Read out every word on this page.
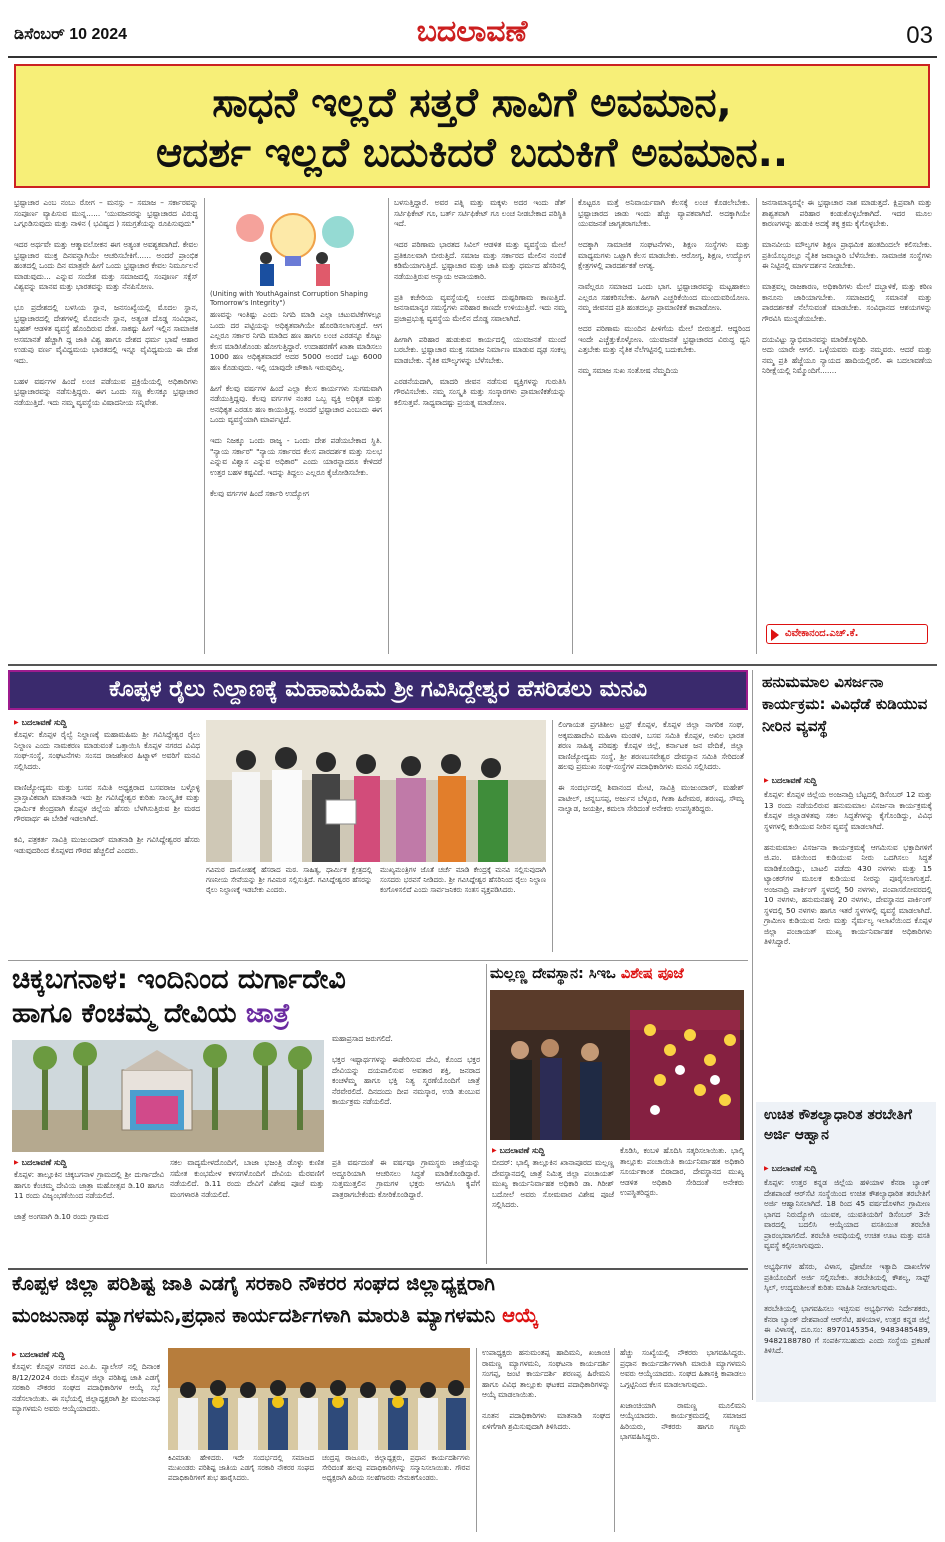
ಡಿಸೆಂಬರ್ 10 2024	ಬದಲಾವಣೆ	03
ಸಾಧನೆ ಇಲ್ಲದೆ ಸತ್ತರೆ ಸಾವಿಗೆ ಅವಮಾನ,
ಆದರ್ಶ ಇಲ್ಲದೆ ಬದುಕಿದರೆ ಬದುಕಿಗೆ ಅವಮಾನ..
ಭ್ರಷ್ಟಾಚಾರ ಎಂಬ ನಂಬು ರೋಗ – ಮನಸ್ಸು – ಸಮಾಜ – ಸರ್ಕಾರವನ್ನು ಸಂಪೂರ್ಣ ವ್ಯಾಪಿಸುವ ಮುನ್ನ...... 'ಯುವಜನರನ್ನು ಭ್ರಷ್ಟಾಚಾರದ ವಿರುದ್ಧ ಒಗ್ಗೂಡಿಸುವುದು ಮತ್ತು ನಾಳಿನ ( ಭವಿಷ್ಯದ ) ಸಮಗ್ರತೆಯನ್ನು ರೂಪಿಸುವುದು"

ಇದರ ಅರ್ಥವೇ ಮತ್ತು ಆತ್ಮಾವಲೋಕನ ಈಗ ಅತ್ಯಂತ ಅವಶ್ಯಕವಾಗಿದೆ. ಕೇವಲ ಭ್ರಷ್ಟಾಚಾರ ಮುಕ್ತ ದಿನವನ್ನಾಗಿಯೇ ಆಚರಿಸಬೇಕಿಗೆ...... ಅಂದರೆ ಪ್ರಾಂಭಿಕ ಹಂತದಲ್ಲಿ ಒಂದು ದಿನ ಮಾತ್ರವೇ ಹೀಗೆ ಒಂದು ಭ್ರಷ್ಟಾಚಾರ ಕೇವಲ ನಿರ್ಮೂಲನೆ ಮಾಡುವುದು... ಎನ್ನುವ ಸಂದೇಶ ಮತ್ತು ಸಮಾಜದಲ್ಲಿ ಸಂಪೂರ್ಣ ಸಕ್ಸೆಸ್ ವಿಶ್ವವನ್ನು ಮಾನವ ಮತ್ತು ಭಾರತವನ್ನು ಮತ್ತು ನೆನಪಿಸೋಣ.

ಭೂ ಪ್ರದೇಶದಲ್ಲಿ ಬಳಸಿಯ ಸ್ಥಾನ, ಜನಸಂಖ್ಯೆಯಲ್ಲಿ ಮೊದಲ ಸ್ಥಾನ, ಭ್ರಷ್ಟಾಚಾರದಲ್ಲಿ ದೇಶಗಳಲ್ಲಿ ಮೊದಲನೇ ಸ್ಥಾನ, ಅತ್ಯಂತ ದೊಡ್ಡ ಸಂವಿಧಾನ, ಬೃಹತ್ ಆಡಳಿತ ವ್ಯವಸ್ಥೆ ಹೊಂದಿರುವ ದೇಶ. ಸಾಕಷ್ಟು ಹೀಗೆ ಇಲ್ಲಿನ ಸಾಮಾಜಿಕ ಅಸಮಾನತೆ ಹೆಚ್ಚಾಗಿ ದ್ದ ಜಾತಿ ವಿಶ್ವ ಹಾಗೂ ದೇಶದ ಧರ್ಮ ಭಾಷೆ ಆಹಾರ ಉಡುಪು ವರ್ಣ ವೈವಿಧ್ಯಮಯ ಭಾರತದಲ್ಲಿ ಇನ್ನೂ ವೈವಿಧ್ಯಮಯ ಈ ದೇಶ ಇದು.

ಬಹಳ ವರ್ಷಗಳ ಹಿಂದೆ ಲಂಚ ಪಡೆಯುವ ಪ್ರಕ್ರಿಯೆಯಲ್ಲಿ ಅಧಿಕಾರಿಗಳು ಭ್ರಷ್ಟಾಚಾರವನ್ನು ನಡೆಸುತ್ತಿದ್ದರು. ಈಗ ಒಂದು ಸಣ್ಣ ಕೆಲಸಕ್ಕೂ ಭ್ರಷ್ಟಾಚಾರ ನಡೆಯುತ್ತಿದೆ. ಇದು ನಮ್ಮ ವ್ಯವಸ್ಥೆಯ ವಿಷಾದನೀಯ ಸನ್ನಿವೇಶ.
(Uniting with YouthAgainst Corruption Shaping Tomorrow's Integrity")
ಹಣವನ್ನು ಇಂತಿಷ್ಟು ಎಂದು ನಿಗದಿ ಮಾಡಿ ಎಲ್ಲಾ ಚಟುವಟಿಕೆಗಳಲ್ಲೂ ಒಂದು ದರ ಪಟ್ಟಿಯನ್ನು ಅಧಿಕೃತವಾಗಿಯೇ ಹೊರಡಿಸಲಾಗುತ್ತದೆ. ಆಗ ಎಲ್ಲರೂ ಸರ್ಕಾರ ನಿಗದಿ ಮಾಡಿದ ಹಣ ಹಾಗೂ ಲಂಚ ಎರಡನ್ನೂ ಕೊಟ್ಟು ಕೆಲಸ ಮಾಡಿಸಿಕೊಂಡು ಹೋಗುತ್ತಿದ್ದಾರೆ. ಉದಾಹರಣೆಗೆ ಖಾತಾ ಮಾಡಿಸಲು 1000 ಹಣ ಅಧಿಕೃತವಾದರೆ ಅದರ 5000 ಅಂದರೆ ಒಟ್ಟು 6000 ಹಣ ಕೊಡುವುದು. ಇಲ್ಲಿ ಯಾವುದೇ ಚೌಕಾಸಿ ಇರುವುದಿಲ್ಲ.

ಹೀಗೆ ಕೆಲವು ವರ್ಷಗಳ ಹಿಂದೆ ಎಲ್ಲಾ ಕೆಲಸ ಕಾರ್ಯಗಳು ಸುಗಮವಾಗಿ ನಡೆಯುತ್ತಿದ್ದವು. ಕೆಲವು ವರ್ಗಗಳ ನಂತರ ಒಬ್ಬ ವ್ಯಕ್ತಿ ಅಧಿಕೃತ ಮತ್ತು ಅನಧಿಕೃತ ಎರಡೂ ಹಣ ಕಾಯುತ್ತಿದ್ದ. ಅಂದರೆ ಭ್ರಷ್ಟಾಚಾರ ಎಂಬುದು ಈಗ ಒಂದು ವ್ಯವಸ್ಥೆಯಾಗಿ ಮಾರ್ಪಟ್ಟಿದೆ.

ಇದು ನಿಜಕ್ಕೂ ಒಂದು ರಾಜ್ಯ - ಒಂದು ದೇಶ ಪಡೆಯಬೇಕಾದ ಸ್ಥಿತಿ. "ನ್ಯಾಯ ಸರ್ಕಾರ" "ನ್ಯಾಯ ಸರ್ಕಾರದ ಕೆಲಸ ಪಾರದರ್ಶಕ ಮತ್ತು ಸುಲಭ ಎನ್ನುವ ವಿಶ್ವಾಸ ಎನ್ನುವ ಅಧಿಕಾರ" ಎಂದು ಯಾರನ್ನಾದರೂ ಕೇಳಿದರೆ ಉತ್ತರ ಬಹಳ ಕಷ್ಟವಿದೆ. ಇದನ್ನು ತಿದ್ದಲು ಎಲ್ಲರೂ ಕೈಜೋಡಿಸಬೇಕು.

ಕೆಲವು ವರ್ಗಗಳ ಹಿಂದೆ ಸರ್ಕಾರಿ ಉದ್ಯೋಗ
ಬಳಸುತ್ತಿದ್ದಾರೆ. ಅವರ ಪತ್ನಿ ಮತ್ತು ಮಕ್ಕಳು ಅದರ ಇಂದು ಡೆತ್ ಸರ್ಟಿಫಿಕೇಟ್ ಗೂ, ಬರ್ತ್ ಸರ್ಟಿಫಿಕೇಟ್ ಗೂ ಲಂಚ ನೀಡಬೇಕಾದ ಪರಿಸ್ಥಿತಿ ಇದೆ.

ಇದರ ಪರಿಣಾಮ ಭಾರತದ ಸಿವಿಲ್ ಆಡಳಿತ ಮತ್ತು ವ್ಯವಸ್ಥೆಯ ಮೇಲೆ ಪ್ರತಿಕೂಲವಾಗಿ ಬೀರುತ್ತಿದೆ. ಸಮಾಜ ಮತ್ತು ಸರ್ಕಾರದ ಮೇಲಿನ ನಂಬಿಕೆ ಕಡಿಮೆಯಾಗುತ್ತಿದೆ. ಭ್ರಷ್ಟಾಚಾರ ಮತ್ತು ಜಾತಿ ಮತ್ತು ಧರ್ಮದ ಹೆಸರಿನಲ್ಲಿ ನಡೆಯುತ್ತಿರುವ ಅನ್ಯಾಯ ಅಪಾಯಕಾರಿ.

ಪ್ರತಿ ಕಚೇರಿಯ ವ್ಯವಸ್ಥೆಯಲ್ಲಿ ಲಂಚದ ದುಷ್ಪರಿಣಾಮ ಕಾಣುತ್ತಿದೆ. ಜನಸಾಮಾನ್ಯರ ಸಮಸ್ಯೆಗಳು ಪರಿಹಾರ ಕಾಣದೇ ಉಳಿಯುತ್ತಿವೆ. ಇದು ನಮ್ಮ ಪ್ರಜಾಪ್ರಭುತ್ವ ವ್ಯವಸ್ಥೆಯ ಮೇಲಿನ ದೊಡ್ಡ ಸವಾಲಾಗಿದೆ.

ಹೀಗಾಗಿ ಪರಿಹಾರ ಹುಡುಕುವ ಕಾರ್ಯದಲ್ಲಿ ಯುವಜನತೆ ಮುಂದೆ ಬರಬೇಕು. ಭ್ರಷ್ಟಾಚಾರ ಮುಕ್ತ ಸಮಾಜ ನಿರ್ಮಾಣ ಮಾಡುವ ದೃಢ ಸಂಕಲ್ಪ ಮಾಡಬೇಕು. ನೈತಿಕ ಮೌಲ್ಯಗಳನ್ನು ಬೆಳೆಸಬೇಕು.

ಎರಡನೆಯದಾಗಿ, ಮಾದರಿ ಜೀವನ ನಡೆಸುವ ವ್ಯಕ್ತಿಗಳನ್ನು ಗುರುತಿಸಿ ಗೌರವಿಸಬೇಕು. ನಮ್ಮ ಸಂಸ್ಕೃತಿ ಮತ್ತು ಸಂಸ್ಕಾರಗಳು ಪ್ರಾಮಾಣಿಕತೆಯನ್ನು ಕಲಿಸುತ್ತವೆ. ಸಾಧ್ಯವಾದಷ್ಟು ಪ್ರಯತ್ನ ಮಾಡೋಣ.
ಕೊಟ್ಟರೂ ಮತ್ತೆ ಅನಿವಾರ್ಯವಾಗಿ ಕೆಲಸಕ್ಕೆ ಲಂಚ ಕೊಡಲೇಬೇಕು. ಭ್ರಷ್ಟಾಚಾರದ ಜಾಡು ಇಂದು ಹೆಚ್ಚು ವ್ಯಾಪಕವಾಗಿದೆ. ಅದಕ್ಕಾಗಿಯೇ ಯುವಜನತೆ ಜಾಗೃತರಾಗಬೇಕು.

ಅದಕ್ಕಾಗಿ ಸಾಮಾಜಿಕ ಸಂಘಟನೆಗಳು, ಶಿಕ್ಷಣ ಸಂಸ್ಥೆಗಳು ಮತ್ತು ಮಾಧ್ಯಮಗಳು ಒಟ್ಟಾಗಿ ಕೆಲಸ ಮಾಡಬೇಕು. ಆರೋಗ್ಯ, ಶಿಕ್ಷಣ, ಉದ್ಯೋಗ ಕ್ಷೇತ್ರಗಳಲ್ಲಿ ಪಾರದರ್ಶಕತೆ ಅಗತ್ಯ.

ನಾವೆಲ್ಲರೂ ಸಮಾಜದ ಒಂದು ಭಾಗ. ಭ್ರಷ್ಟಾಚಾರವನ್ನು ಮಟ್ಟಹಾಕಲು ಎಲ್ಲರೂ ಸಹಕರಿಸಬೇಕು. ಹೀಗಾಗಿ ಎಚ್ಚರಿಕೆಯಿಂದ ಮುಂದುವರಿಯೋಣ. ನಮ್ಮ ಜೀವನದ ಪ್ರತಿ ಹಂತದಲ್ಲೂ ಪ್ರಾಮಾಣಿಕತೆ ಕಾಪಾಡೋಣ.

ಅದರ ಪರಿಣಾಮ ಮುಂದಿನ ಪೀಳಿಗೆಯ ಮೇಲೆ ಬೀರುತ್ತದೆ. ಆದ್ದರಿಂದ ಇಂದೇ ಎಚ್ಚೆತ್ತುಕೊಳ್ಳೋಣ. ಯುವಜನತೆ ಭ್ರಷ್ಟಾಚಾರದ ವಿರುದ್ಧ ಧ್ವನಿ ಎತ್ತಬೇಕು ಮತ್ತು ನೈತಿಕ ನೆಲೆಗಟ್ಟಿನಲ್ಲಿ ಬದುಕಬೇಕು.

ನಮ್ಮ ಸಮಾಜ ಸುಖ ಸಂತೋಷ ನೆಮ್ಮದಿಯ
ಜನಸಾಮಾನ್ಯರನ್ನೇ ಈ ಭ್ರಷ್ಟಾಚಾರ ನಾಶ ಮಾಡುತ್ತದೆ. ಕ್ಷಿಪ್ರವಾಗಿ ಮತ್ತು ಶಾಶ್ವತವಾಗಿ ಪರಿಹಾರ ಕಂಡುಕೊಳ್ಳಬೇಕಾಗಿದೆ. ಇದರ ಮೂಲ ಕಾರಣಗಳನ್ನು ಹುಡುಕಿ ಅದಕ್ಕೆ ತಕ್ಕ ಕ್ರಮ ಕೈಗೊಳ್ಳಬೇಕು.

ಮಾನವೀಯ ಮೌಲ್ಯಗಳ ಶಿಕ್ಷಣ ಪ್ರಾಥಮಿಕ ಹಂತದಿಂದಲೇ ಕಲಿಸಬೇಕು. ಪ್ರತಿಯೊಬ್ಬರಲ್ಲೂ ನೈತಿಕ ಜವಾಬ್ದಾರಿ ಬೆಳೆಸಬೇಕು. ಸಾಮಾಜಿಕ ಸಂಸ್ಥೆಗಳು ಈ ನಿಟ್ಟಿನಲ್ಲಿ ಮಾರ್ಗದರ್ಶನ ನೀಡಬೇಕು.

ಮಾತ್ರವಲ್ಲ ರಾಜಕಾರಣ, ಅಧಿಕಾರಿಗಳು ಮೇಲೆ ದಬ್ಬಾಳಿಕೆ, ಮತ್ತು ಕಠಿಣ ಕಾನೂನು ಜಾರಿಯಾಗಬೇಕು. ಸಮಾಜದಲ್ಲಿ ಸಮಾನತೆ ಮತ್ತು ಪಾರದರ್ಶಕತೆ ನೆಲೆಸುವಂತೆ ಮಾಡಬೇಕು. ಸಂವಿಧಾನದ ಆಶಯಗಳನ್ನು ಗೌರವಿಸಿ ಮುನ್ನಡೆಯಬೇಕು.

ದಯವಿಟ್ಟು ಸ್ವಾಭಿಮಾನವನ್ನು ಮಾರಿಕೊಳ್ಳದಿರಿ.
ಅದು ಯಾರೇ ಆಗಲಿ. ಒಳ್ಳೆಯವರು ಮತ್ತು ನಮ್ಮವರು. ಆದರೆ ಮತ್ತು ನಮ್ಮ ಪ್ರತಿ ಹೆಜ್ಜೆಯೂ ನ್ಯಾಯದ ಹಾದಿಯಲ್ಲಿರಲಿ. ಈ ಬದಲಾವಣೆಯ ನಿರೀಕ್ಷೆಯಲ್ಲಿ ನಿಮ್ಮೊಂದಿಗೆ.......
ವಿವೇಕಾನಂದ.ಎಚ್.ಕೆ.
ಕೊಪ್ಪಳ ರೈಲು ನಿಲ್ದಾಣಕ್ಕೆ ಮಹಾಮಹಿಮ ಶ್ರೀ ಗವಿಸಿದ್ದೇಶ್ವರ ಹೆಸರಿಡಲು ಮನವಿ
▶ ಬದಲಾವಣೆ ಸುದ್ದಿ
ಕೊಪ್ಪಳ: ಕೊಪ್ಪಳ ರೈಲ್ವೆ ನಿಲ್ದಾಣಕ್ಕೆ ಮಹಾಮಹಿಮ ಶ್ರೀ ಗವಿಸಿದ್ದೇಶ್ವರ ರೈಲು ನಿಲ್ದಾಣ ಎಂದು ನಾಮಕರಣ ಮಾಡುವಂತೆ ಒತ್ತಾಯಿಸಿ ಕೊಪ್ಪಳ ನಗರದ ವಿವಿಧ ಸಂಘ-ಸಂಸ್ಥೆ, ಸಂಘಟನೆಗಳು ಸಂಸದ ರಾಜಶೇಖರ ಹಿಟ್ನಾಳ್ ಅವರಿಗೆ ಮನವಿ ಸಲ್ಲಿಸಿದರು.

ವಾಣಿಜ್ಯೋದ್ಯಮ ಮತ್ತು ಬಸವ ಸಮಿತಿ ಅಧ್ಯಕ್ಷರಾದ ಬಸವರಾಜ ಬಳ್ಳೊಳ್ಳಿ ಪ್ರಾಸ್ತಾವಿಕವಾಗಿ ಮಾತನಾಡಿ ಇದು ಶ್ರೀ ಗವಿಸಿದ್ದೇಶ್ವರ ಕುರಿತು ಸಾಂಸ್ಕೃತಿಕ ಮತ್ತು ಧಾರ್ಮಿಕ ಕೇಂದ್ರವಾಗಿ ಕೊಪ್ಪಳ ಜಿಲ್ಲೆಯ ಹೆಸರು ಬೆಳಗಿಸುತ್ತಿರುವ ಶ್ರೀ ಮಠದ ಗೌರವಾರ್ಥ ಈ ಬೇಡಿಕೆ ಇಡಲಾಗಿದೆ.

ಕವಿ, ಪತ್ರಕರ್ತ ಸಾವಿತ್ರಿ ಮುಜುಂದಾರ್ ಮಾತನಾಡಿ ಶ್ರೀ ಗವಿಸಿದ್ದೇಶ್ವರರ ಹೆಸರು ಇಡುವುದರಿಂದ ಕೊಪ್ಪಳದ ಗೌರವ ಹೆಚ್ಚಲಿದೆ ಎಂದರು.
ಗವಿಮಠ ದಾಸೋಹಕ್ಕೆ ಹೆಸರಾದ ಮಠ. ಸಾಹಿತ್ಯ, ಧಾರ್ಮಿಕ ಕ್ಷೇತ್ರದಲ್ಲಿ ಗಣನೀಯ ಸೇವೆಯನ್ನು ಶ್ರೀ ಗವಿಮಠ ಸಲ್ಲಿಸುತ್ತಿದೆ. ಗವಿಸಿದ್ದೇಶ್ವರರ ಹೆಸರನ್ನು ರೈಲು ನಿಲ್ದಾಣಕ್ಕೆ ಇಡಬೇಕು ಎಂದರು.
ಮುಖ್ಯಮಂತ್ರಿಗಳ ಜೊತೆ ಚರ್ಚೆ ಮಾಡಿ ಕೇಂದ್ರಕ್ಕೆ ಮನವಿ ಸಲ್ಲಿಸುವುದಾಗಿ ಸಂಸದರು ಭರವಸೆ ನೀಡಿದರು. ಶ್ರೀ ಗವಿಸಿದ್ದೇಶ್ವರ ಹೆಸರಿನಿಂದ ರೈಲು ನಿಲ್ದಾಣ ಕಂಗೊಳಿಸಲಿದೆ ಎಂದು ಸಾರ್ವಜನಿಕರು ಸಂತಸ ವ್ಯಕ್ತಪಡಿಸಿದರು.
ಲಿಂಗಾಯತ ಪ್ರಗತಿಶೀಲ ಟ್ರಸ್ಟ್ ಕೊಪ್ಪಳ, ಕೊಪ್ಪಳ ಜಿಲ್ಲಾ ನಾಗರಿಕ ಸಂಘ, ಅಕ್ಕಮಹಾದೇವಿ ಮಹಿಳಾ ಮಂಡಳಿ, ಬಸವ ಸಮಿತಿ ಕೊಪ್ಪಳ, ಅಖಿಲ ಭಾರತ ಶರಣ ಸಾಹಿತ್ಯ ಪರಿಷತ್ತು ಕೊಪ್ಪಳ ಜಿಲ್ಲೆ, ಕರ್ನಾಟಕ ಜನ ವೇದಿಕೆ, ಜಿಲ್ಲಾ ವಾಣಿಜ್ಯೋದ್ಯಮ ಸಂಸ್ಥೆ, ಶ್ರೀ ಶರಣಬಸವೇಶ್ವರ ದೇವಸ್ಥಾನ ಸಮಿತಿ ಸೇರಿದಂತೆ ಹಲವು ಪ್ರಮುಖ ಸಂಘ-ಸಂಸ್ಥೆಗಳ ಪದಾಧಿಕಾರಿಗಳು ಮನವಿ ಸಲ್ಲಿಸಿದರು.

ಈ ಸಂದರ್ಭದಲ್ಲಿ ಶಿವಾನಂದ ಮೇಟಿ, ಸಾವಿತ್ರಿ ಮುಜುಂದಾರ್, ಮಹೇಶ್ ಪಾಟೀಲ್, ಚನ್ನಬಸಪ್ಪ, ಅರ್ಜುನ ಬೆಳ್ಳೂರ, ಗೀತಾ ಹಿರೇಮಠ, ಶರಣಪ್ಪ, ಸೌಮ್ಯ ನಾಲ್ವಾಡ, ಜಯಶ್ರೀ, ಕಮಲಾ ಸೇರಿದಂತೆ ಅನೇಕರು ಉಪಸ್ಥಿತರಿದ್ದರು.
ಹನುಮಮಾಲ ವಿಸರ್ಜನಾ ಕಾರ್ಯಕ್ರಮ: ವಿವಿಧೆಡೆ ಕುಡಿಯುವ ನೀರಿನ ವ್ಯವಸ್ಥೆ
▶ ಬದಲಾವಣೆ ಸುದ್ದಿ
ಕೊಪ್ಪಳ: ಕೊಪ್ಪಳ ಜಿಲ್ಲೆಯ ಅಂಜನಾದ್ರಿ ಬೆಟ್ಟದಲ್ಲಿ ಡಿಸೆಂಬರ್ 12 ಮತ್ತು 13 ರಂದು ನಡೆಯಲಿರುವ ಹನುಮಮಾಲ ವಿಸರ್ಜನಾ ಕಾರ್ಯಕ್ರಮಕ್ಕೆ ಕೊಪ್ಪಳ ಜಿಲ್ಲಾಡಳಿತವು ಸಕಲ ಸಿದ್ಧತೆಗಳನ್ನು ಕೈಗೊಂಡಿದ್ದು, ವಿವಿಧ ಸ್ಥಳಗಳಲ್ಲಿ ಕುಡಿಯುವ ನೀರಿನ ವ್ಯವಸ್ಥೆ ಮಾಡಲಾಗಿದೆ.

ಹನುಮಮಾಲ ವಿಸರ್ಜನಾ ಕಾರ್ಯಕ್ರಮಕ್ಕೆ ಆಗಮಿಸುವ ಭಕ್ತಾದಿಗಳಿಗೆ ಜಿ.ಪಂ. ವತಿಯಿಂದ ಕುಡಿಯುವ ನೀರು ಒದಗಿಸಲು ಸಿದ್ಧತೆ ಮಾಡಿಕೊಂಡಿದ್ದು, ಬಾಟಲಿ ಪಡೆದು 430 ನಳಗಳು ಮತ್ತು 15 ಟ್ಯಾಂಕರ್‌ಗಳ ಮೂಲಕ ಕುಡಿಯುವ ನೀರನ್ನು ಪೂರೈಸಲಾಗುತ್ತದೆ. ಅಂಜನಾದ್ರಿ ಪಾರ್ಕಿಂಗ್ ಸ್ಥಳದಲ್ಲಿ 50 ನಳಗಳು, ಪಂಪಾಸರೋವರದಲ್ಲಿ 10 ನಳಗಳು, ಹನುಮನಹಳ್ಳಿ 20 ನಳಗಳು, ದೇವಸ್ಥಾನದ ಪಾರ್ಕಿಂಗ್ ಸ್ಥಳದಲ್ಲಿ 50 ನಳಗಳು ಹಾಗೂ ಇತರೆ ಸ್ಥಳಗಳಲ್ಲಿ ವ್ಯವಸ್ಥೆ ಮಾಡಲಾಗಿದೆ. ಗ್ರಾಮೀಣ ಕುಡಿಯುವ ನೀರು ಮತ್ತು ನೈರ್ಮಲ್ಯ ಇಲಾಖೆಯಿಂದ ಕೊಪ್ಪಳ ಜಿಲ್ಲಾ ಪಂಚಾಯತ್ ಮುಖ್ಯ ಕಾರ್ಯನಿರ್ವಾಹಕ ಅಧಿಕಾರಿಗಳು ತಿಳಿಸಿದ್ದಾರೆ.
ಉಚಿತ ಕೌಶಲ್ಯಾಧಾರಿತ ತರಬೇತಿಗೆ ಅರ್ಜಿ ಆಹ್ವಾನ
▶ ಬದಲಾವಣೆ ಸುದ್ದಿ
ಕೊಪ್ಪಳ: ಉತ್ತರ ಕನ್ನಡ ಜಿಲ್ಲೆಯ ಹಳಿಯಾಳ ಕೆನರಾ ಬ್ಯಾಂಕ್ ದೇಶಪಾಂಡೆ ಆರ್‌ಸೆಟಿ ಸಂಸ್ಥೆಯಿಂದ ಉಚಿತ ಕೌಶಲ್ಯಾಧಾರಿತ ತರಬೇತಿಗೆ ಅರ್ಜಿ ಆಹ್ವಾನಿಸಲಾಗಿದೆ. 18 ರಿಂದ 45 ವರ್ಷದೊಳಗಿನ ಗ್ರಾಮೀಣ ಭಾಗದ ನಿರುದ್ಯೋಗಿ ಯುವಕ, ಯುವತಿಯರಿಗೆ ಡಿಸೆಂಬರ್ 3ನೇ ವಾರದಲ್ಲಿ ಬದಲಿಸಿ ಆಯ್ಕೆಯಾದ ವಸತಿಯುತ ತರಬೇತಿ ಪ್ರಾರಂಭವಾಗಲಿದೆ. ತರಬೇತಿ ಅವಧಿಯಲ್ಲಿ ಉಚಿತ ಊಟ ಮತ್ತು ವಸತಿ ವ್ಯವಸ್ಥೆ ಕಲ್ಪಿಸಲಾಗುವುದು.

ಅಭ್ಯರ್ಥಿಗಳ ಹೆಸರು, ವಿಳಾಸ, ಫೋಟೋ ಇತ್ಯಾದಿ ದಾಖಲೆಗಳ ಪ್ರತಿಯೊಂದಿಗೆ ಅರ್ಜಿ ಸಲ್ಲಿಸಬೇಕು. ತರಬೇತಿಯಲ್ಲಿ ಕೌಶಲ್ಯ, ಸಾಫ್ಟ್ ಸ್ಕಿಲ್, ಉದ್ಯಮಶೀಲತೆ ಕುರಿತು ಮಾಹಿತಿ ನೀಡಲಾಗುವುದು.

ತರಬೇತಿಯಲ್ಲಿ ಭಾಗವಹಿಸಲು ಇಚ್ಛಿಸುವ ಅಭ್ಯರ್ಥಿಗಳು ನಿರ್ದೇಶಕರು, ಕೆನರಾ ಬ್ಯಾಂಕ್ ದೇಶಪಾಂಡೆ ಆರ್‌ಸೆಟಿ, ಹಳಿಯಾಳ, ಉತ್ತರ ಕನ್ನಡ ಜಿಲ್ಲೆ ಈ ವಿಳಾಸಕ್ಕೆ, ದೂ.ಸಂ: 8970145354, 9483485489, 9482188780 ಗೆ ಸಂಪರ್ಕಿಸಬಹುದು ಎಂದು ಸಂಸ್ಥೆಯ ಪ್ರಕಟಣೆ ತಿಳಿಸಿದೆ.
ಚಿಕ್ಕಬಗನಾಳ: ಇಂದಿನಿಂದ ದುರ್ಗಾದೇವಿ
ಹಾಗೂ ಕೆಂಚಮ್ಮ ದೇವಿಯ ಜಾತ್ರೆ
ಮಹಾಪ್ರಸಾದ ಜರುಗಲಿದೆ.

ಭಕ್ತರ ಇಷ್ಟಾರ್ಥಗಳನ್ನು ಈಡೇರಿಸುವ ದೇವಿ, ಕೊಂದ ಭಕ್ತರ ದೇವಿಯನ್ನು ದಯಪಾಲಿಸುವ ಅವತಾರ ಶಕ್ತಿ, ಜನರಾದ ಕಂಚಳೆಮ್ಮ ಹಾಗೂ ಭಕ್ತಿ ನಿತ್ಯ ಸ್ಮರಣೆಯೊಂದಿಗೆ ಜಾತ್ರೆ ನೆರವೇರಲಿದೆ. ದಿನದಂದು ದೀಪ ನಮಸ್ಕಾರ, ಉಡಿ ತುಂಬುವ ಕಾರ್ಯಕ್ರಮ ನಡೆಯಲಿದೆ.
▶ ಬದಲಾವಣೆ ಸುದ್ದಿ
ಕೊಪ್ಪಳ: ತಾಲ್ಲೂಕಿನ ಚಿಕ್ಕಬಗನಾಳ ಗ್ರಾಮದಲ್ಲಿ ಶ್ರೀ ದುರ್ಗಾದೇವಿ ಹಾಗೂ ಕೆಂಚಮ್ಮ ದೇವಿಯ ಜಾತ್ರಾ ಮಹೋತ್ಸವ ಡಿ.10 ಹಾಗೂ 11 ರಂದು ವಿಜೃಂಭಣೆಯಿಂದ ನಡೆಯಲಿದೆ.

ಜಾತ್ರೆ ಅಂಗವಾಗಿ ಡಿ.10 ರಂದು ಗ್ರಾಮದ
ಸಕಲ ವಾದ್ಯಮೇಳದೊಂದಿಗೆ, ಬಾಜಾ ಭಜಂತ್ರಿ ಡೊಳ್ಳು ಕುಣಿತ ಸಮೇತ ಕುಂಭಮೇಳ ಕಳಸಗಳೊಂದಿಗೆ ದೇವಿಯ ಮೆರವಣಿಗೆ ನಡೆಯಲಿದೆ. ಡಿ.11 ರಂದು ದೇವಿಗೆ ವಿಶೇಷ ಪೂಜೆ ಮತ್ತು ಮಂಗಳಾರತಿ ನಡೆಯಲಿದೆ.
ಪ್ರತಿ ವರ್ಷದಂತೆ ಈ ವರ್ಷವೂ ಗ್ರಾಮಸ್ಥರು ಜಾತ್ರೆಯನ್ನು ಅದ್ದೂರಿಯಾಗಿ ಆಚರಿಸಲು ಸಿದ್ಧತೆ ಮಾಡಿಕೊಂಡಿದ್ದಾರೆ. ಸುತ್ತಮುತ್ತಲಿನ ಗ್ರಾಮಗಳ ಭಕ್ತರು ಆಗಮಿಸಿ ಕೃಪೆಗೆ ಪಾತ್ರರಾಗಬೇಕೆಂದು ಕೋರಿಕೊಂಡಿದ್ದಾರೆ.
ಮಲ್ಲಣ್ಣ ದೇವಸ್ಥಾನ: ಸಿಇಒ ವಿಶೇಷ ಪೂಜೆ
▶ ಬದಲಾವಣೆ ಸುದ್ದಿ
ಬೀದರ್: ಭಾಲ್ಕಿ ತಾಲ್ಲೂಕಿನ ಖಾನಾಪೂರದ ಮಲ್ಲಣ್ಣ ದೇವಸ್ಥಾನದಲ್ಲಿ ಜಾತ್ರೆ ನಿಮಿತ್ತ ಜಿಲ್ಲಾ ಪಂಚಾಯತ್ ಮುಖ್ಯ ಕಾರ್ಯನಿರ್ವಾಹಕ ಅಧಿಕಾರಿ ಡಾ. ಗಿರೀಶ್ ಬದೋಲೆ ಅವರು ಸೋಮವಾರ ವಿಶೇಷ ಪೂಜೆ ಸಲ್ಲಿಸಿದರು.
ಕೊಡಿಸಿ, ಕಂಬಳಿ ಹೊದಿಸಿ ಸತ್ಕರಿಸಲಾಯಿತು. ಭಾಲ್ಕಿ ತಾಲ್ಲೂಕು ಪಂಚಾಯಿತಿ ಕಾರ್ಯನಿರ್ವಾಹಕ ಅಧಿಕಾರಿ ಸೂರ್ಯಕಾಂತ ಬಿರಾದಾರ, ದೇವಸ್ಥಾನದ ಮುಖ್ಯ ಆಡಳಿತ ಅಧಿಕಾರಿ ಸೇರಿದಂತೆ ಅನೇಕರು ಉಪಸ್ಥಿತರಿದ್ದರು.
ಕೊಪ್ಪಳ ಜಿಲ್ಲಾ ಪರಿಶಿಷ್ಟ ಜಾತಿ ಎಡಗೈ ಸರಕಾರಿ ನೌಕರರ ಸಂಘದ ಜಿಲ್ಲಾಧ್ಯಕ್ಷರಾಗಿ
ಮಂಜುನಾಥ ಮ್ಯಾಗಳಮನಿ,ಪ್ರಧಾನ ಕಾರ್ಯದರ್ಶಿಗಳಾಗಿ ಮಾರುತಿ ಮ್ಯಾಗಳಮನಿ ಆಯ್ಕೆ
▶ ಬದಲಾವಣೆ ಸುದ್ದಿ
ಕೊಪ್ಪಳ: ಕೊಪ್ಪಳ ನಗರದ ಎಂ.ಪಿ. ಪ್ಯಾಲೇಸ್ ನಲ್ಲಿ ದಿನಾಂಕ 8/12/2024 ರಂದು ಕೊಪ್ಪಳ ಜಿಲ್ಲಾ ಪರಿಶಿಷ್ಟ ಜಾತಿ ಎಡಗೈ ಸರಕಾರಿ ನೌಕರರ ಸಂಘದ ಪದಾಧಿಕಾರಿಗಳ ಆಯ್ಕೆ ಸಭೆ ನಡೆಸಲಾಯಿತು. ಈ ಸಭೆಯಲ್ಲಿ ಜಿಲ್ಲಾಧ್ಯಕ್ಷರಾಗಿ ಶ್ರೀ ಮಂಜುನಾಥ ಮ್ಯಾಗಳಮನಿ ಅವರು ಆಯ್ಕೆಯಾದರು.
ಕಿವಿಮಾತು ಹೇಳಿದರು. ಇದೇ ಸಂದರ್ಭದಲ್ಲಿ ಸಮಾಜದ ಮುಖಂಡರು ಪರಿಶಿಷ್ಟ ಜಾತಿಯ ಎಡಗೈ ಸರಕಾರಿ ನೌಕರರ ಸಂಘದ ಪದಾಧಿಕಾರಿಗಳಿಗೆ ಶುಭ ಹಾರೈಸಿದರು.
ಚಂದ್ರಪ್ಪ ರಾಜೂರು, ಜಿಲ್ಲಾಧ್ಯಕ್ಷರು, ಪ್ರಧಾನ ಕಾರ್ಯದರ್ಶಿಗಳು ಸೇರಿದಂತೆ ಹಲವು ಪದಾಧಿಕಾರಿಗಳನ್ನು ಸನ್ಮಾನಿಸಲಾಯಿತು. ಗೌರವ ಅಧ್ಯಕ್ಷರಾಗಿ ಹಿರಿಯ ಸಲಹೆಗಾರರು ನೇಮಕಗೊಂಡರು.
ಉಪಾಧ್ಯಕ್ಷರು ಹನುಮಂತಪ್ಪ ಹಾದಿಮನಿ, ಖಜಾಂಚಿ ರಾಮಣ್ಣ ಮ್ಯಾಗಳಮನಿ, ಸಂಘಟನಾ ಕಾರ್ಯದರ್ಶಿ ಸಂಗಪ್ಪ, ಜಂಟಿ ಕಾರ್ಯದರ್ಶಿ ಶರಣಪ್ಪ ಹಿರೇಮನಿ ಹಾಗೂ ವಿವಿಧ ತಾಲ್ಲೂಕು ಘಟಕದ ಪದಾಧಿಕಾರಿಗಳನ್ನು ಆಯ್ಕೆ ಮಾಡಲಾಯಿತು.

ನೂತನ ಪದಾಧಿಕಾರಿಗಳು ಮಾತನಾಡಿ ಸಂಘದ ಏಳಿಗೆಗಾಗಿ ಶ್ರಮಿಸುವುದಾಗಿ ತಿಳಿಸಿದರು.
ಹೆಚ್ಚು ಸಂಖ್ಯೆಯಲ್ಲಿ ನೌಕರರು ಭಾಗವಹಿಸಿದ್ದರು. ಪ್ರಧಾನ ಕಾರ್ಯದರ್ಶಿಗಳಾಗಿ ಮಾರುತಿ ಮ್ಯಾಗಳಮನಿ ಅವರು ಆಯ್ಕೆಯಾದರು. ಸಂಘದ ಹಿತಾಸಕ್ತಿ ಕಾಪಾಡಲು ಒಗ್ಗಟ್ಟಿನಿಂದ ಕೆಲಸ ಮಾಡಲಾಗುವುದು.

ಖಜಾಂಚಿಯಾಗಿ ರಾಮಣ್ಣ ಮೂಲಿಮನಿ ಆಯ್ಕೆಯಾದರು. ಕಾರ್ಯಕ್ರಮದಲ್ಲಿ ಸಮಾಜದ ಹಿರಿಯರು, ನೌಕರರು ಹಾಗೂ ಗಣ್ಯರು ಭಾಗವಹಿಸಿದ್ದರು.
